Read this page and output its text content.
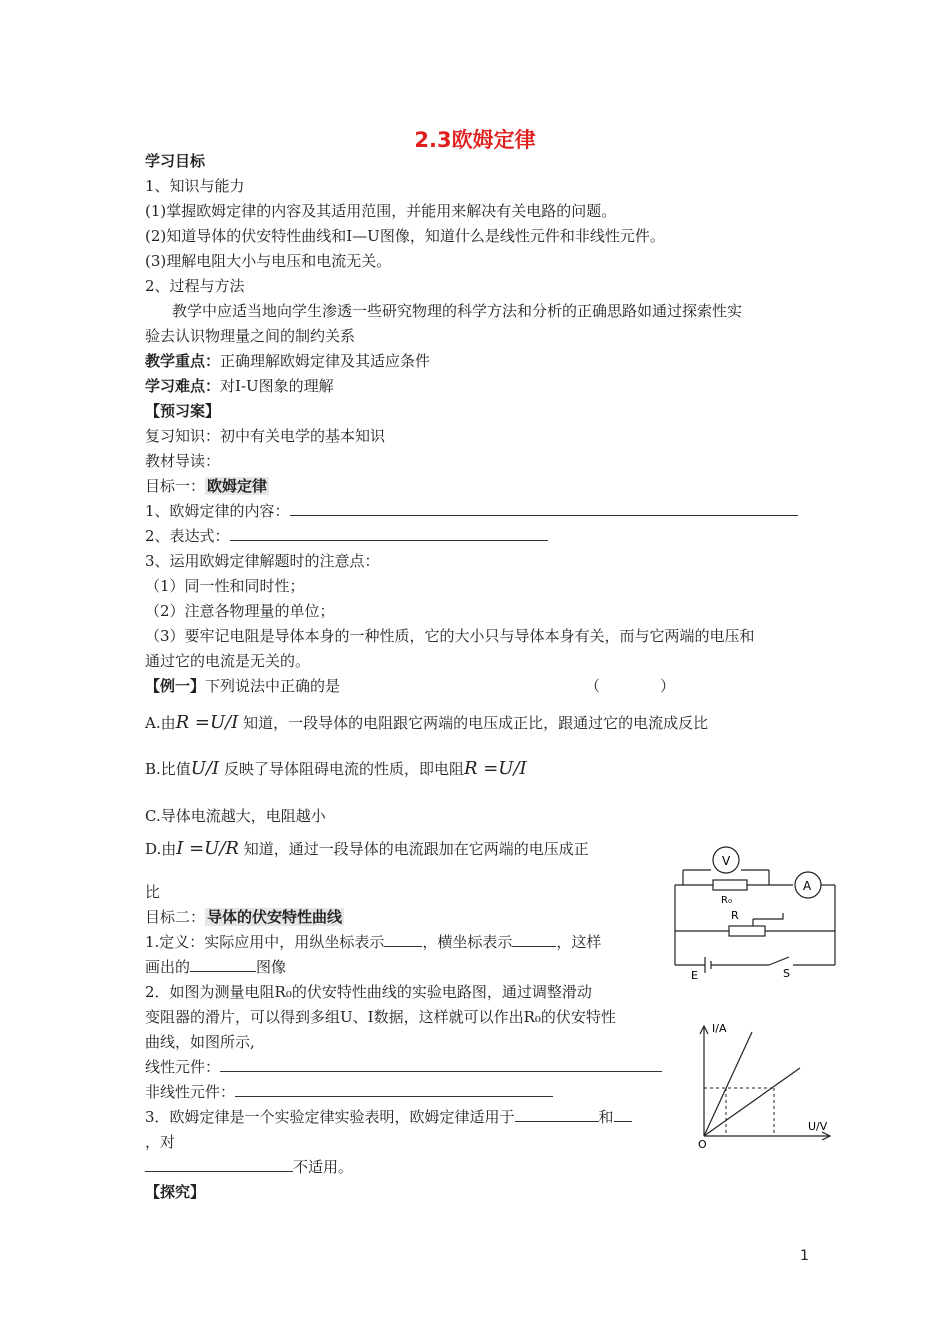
2.3欧姆定律
学习目标
1、知识与能力
(1)掌握欧姆定律的内容及其适用范围，并能用来解决有关电路的问题。
(2)知道导体的伏安特性曲线和I—U图像，知道什么是线性元件和非线性元件。
(3)理解电阻大小与电压和电流无关。
2、过程与方法
教学中应适当地向学生渗透一些研究物理的科学方法和分析的正确思路如通过探索性实
验去认识物理量之间的制约关系
教学重点：正确理解欧姆定律及其适应条件
学习难点：对I-U图象的理解
【预习案】
复习知识：初中有关电学的基本知识
教材导读：
目标一： 欧姆定律
1、欧姆定律的内容：
2、表达式：
3、运用欧姆定律解题时的注意点：
（1）同一性和同时性；
（2）注意各物理量的单位；
（3）要牢记电阻是导体本身的一种性质，它的大小只与导体本身有关，而与它两端的电压和
通过它的电流是无关的。
【例一】下列说法中正确的是	（　　　　）
A.由R =U/I 知道，一段导体的电阻跟它两端的电压成正比，跟通过它的电流成反比
B.比值U/I 反映了导体阻碍电流的性质，即电阻R =U/I
C.导体电流越大，电阻越小
D.由I =U/R 知道，通过一段导体的电流跟加在它两端的电压成正
比
目标二： 导体的伏安特性曲线
1.定义：实际应用中，用纵坐标表示	，横坐标表示	，这样
画出的	图像
2．如图为测量电阻R₀的伏安特性曲线的实验电路图，通过调整滑动
变阻器的滑片，可以得到多组U、I数据，这样就可以作出R₀的伏安特性
曲线，如图所示,
线性元件：
非线性元件：
3．欧姆定律是一个实验定律实验表明，欧姆定律适用于	和
，对
不适用。
【探究】
V
A
R₀
R
E	S
I/A
U/V
O
1
